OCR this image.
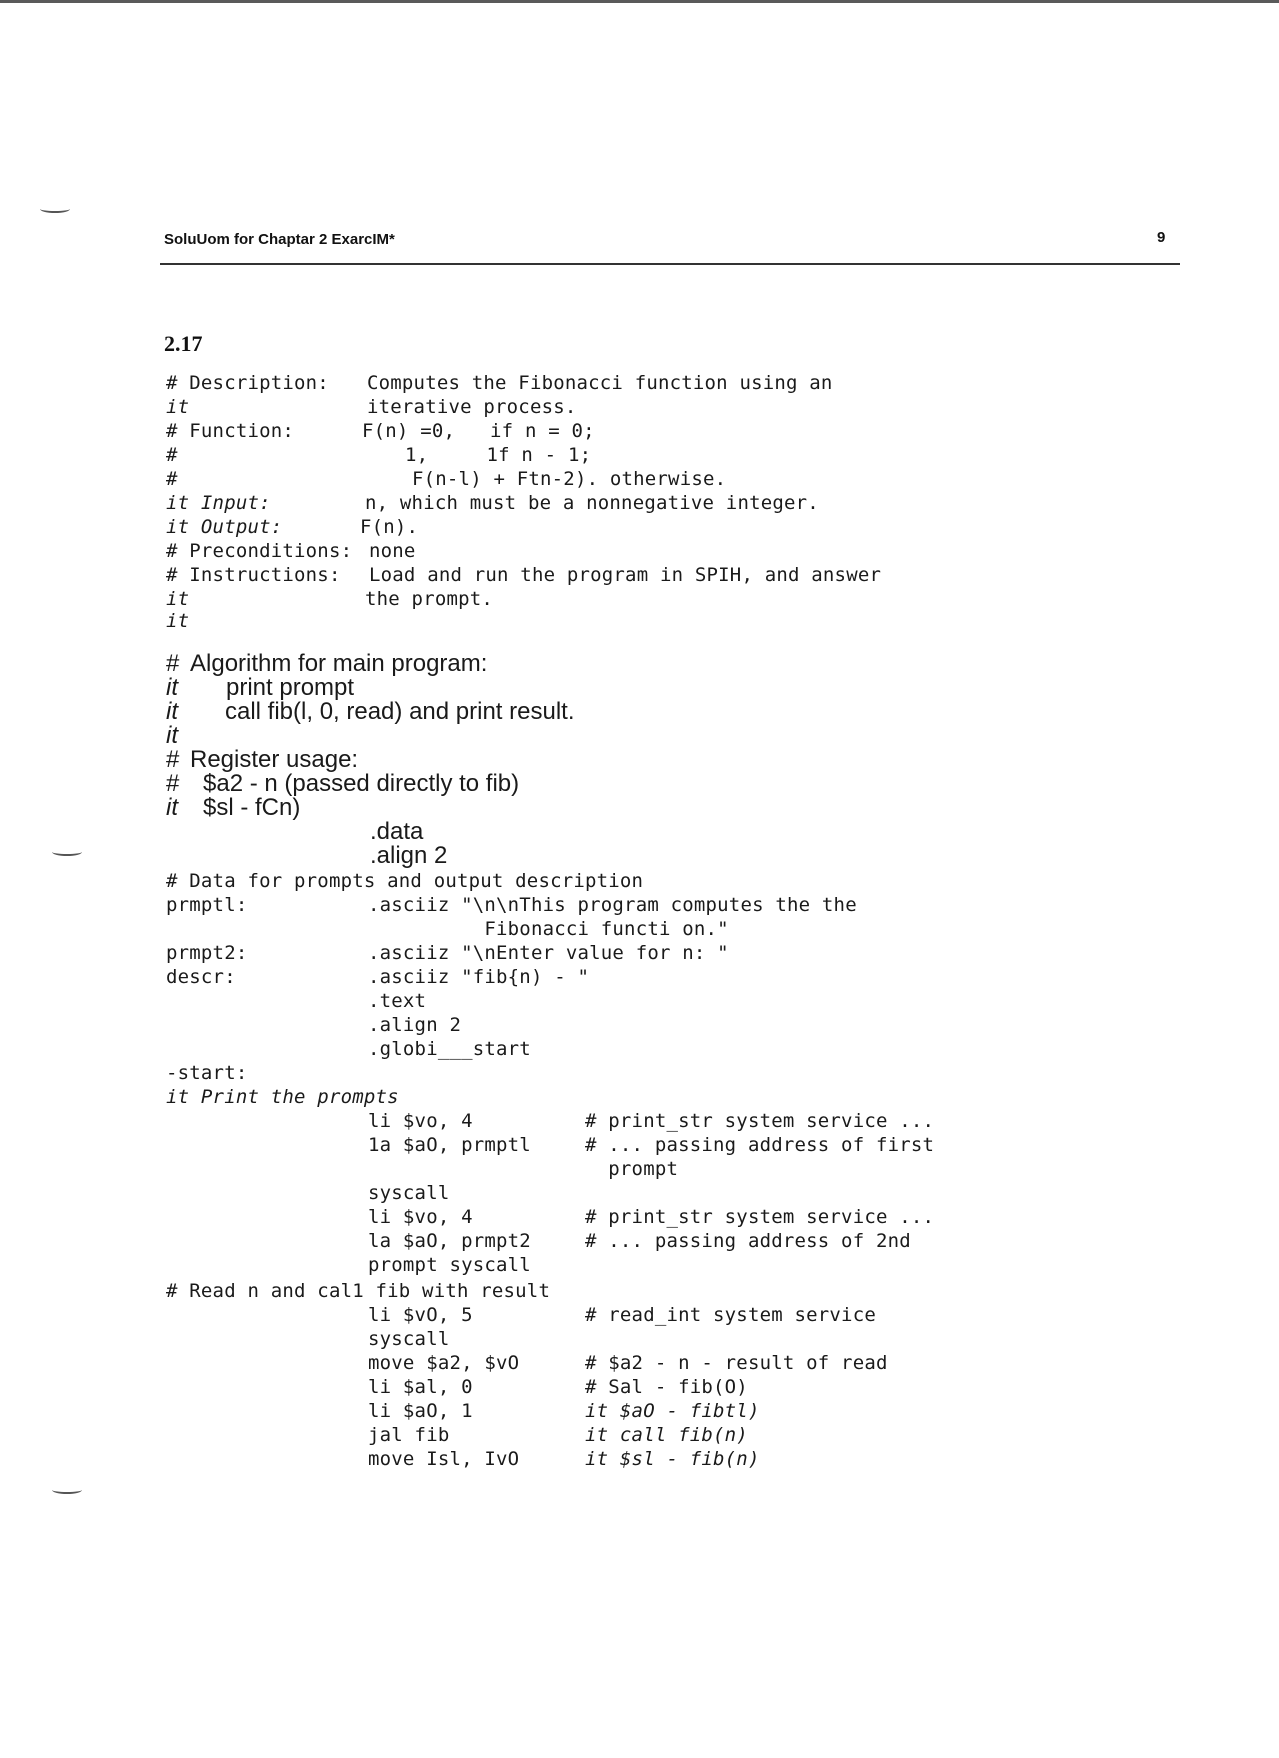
SoluUom for Chaptar 2 ExarcIM*	9
2.17
# Description: Computes the Fibonacci function using an
it	iterative process.
# Function:	F(n) =0,   if n = 0;
#	1,     1f n - 1;
#	F(n-l) + Ftn-2). otherwise.
it Input:	n, which must be a nonnegative integer.
it Output:	F(n).
# Preconditions: none
# Instructions: Load and run the program in SPIH, and answer
it	the prompt.
it
# Algorithm for main program:
it print prompt
it call fib(l, 0, read) and print result.
it
# Register usage:
# $a2 - n (passed directly to fib)
it $sl - fCn)
.data
.align 2
# Data for prompts and output description
prmptl:	.asciiz "\n\nThis program computes the the
Fibonacci functi on."
prmpt2:	.asciiz "\nEnter value for n: "
descr:	.asciiz "fib{n) - "
.text
.align 2
.globi___start
-start:
it Print the prompts
li $vo, 4	# print_str system service ...
1a $aO, prmptl	# ... passing address of first
prompt
syscall
li $vo, 4	# print_str system service ...
la $aO, prmpt2	# ... passing address of 2nd
prompt syscall
# Read n and cal1 fib with result
li $vO, 5	# read_int system service
syscall
move $a2, $vO	# $a2 - n - result of read
li $al, 0	# Sal - fib(O)
li $aO, 1	it $aO - fibtl)
jal fib	it call fib(n)
move Isl, IvO	it $sl - fib(n)
